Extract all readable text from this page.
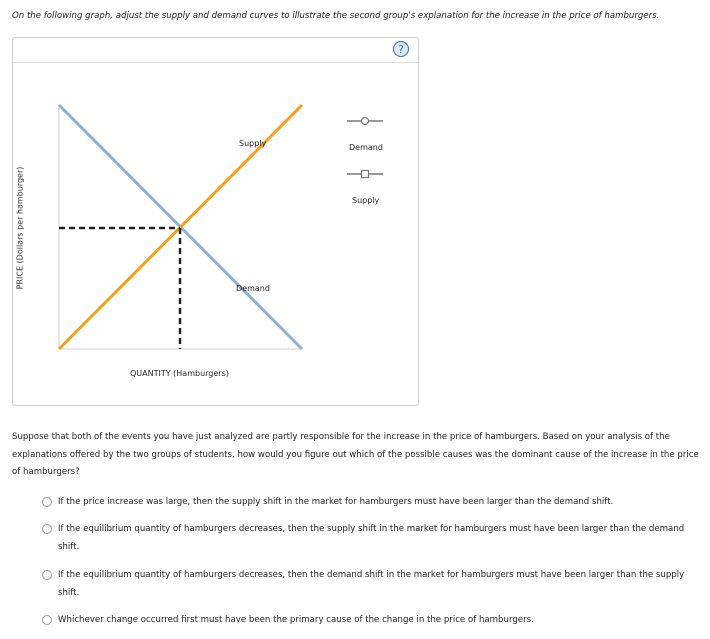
On the following graph, adjust the supply and demand curves to illustrate the second group's explanation for the increase in the price of hamburgers.
?
PRICE (Dollars per hamburger)
Supply
Demand
Demand
Supply
QUANTITY (Hamburgers)
Suppose that both of the events you have just analyzed are partly responsible for the increase in the price of hamburgers. Based on your analysis of the explanations offered by the two groups of students, how would you figure out which of the possible causes was the dominant cause of the increase in the price of hamburgers?
If the price increase was large, then the supply shift in the market for hamburgers must have been larger than the demand shift.
If the equilibrium quantity of hamburgers decreases, then the supply shift in the market for hamburgers must have been larger than the demand shift.
If the equilibrium quantity of hamburgers decreases, then the demand shift in the market for hamburgers must have been larger than the supply shift.
Whichever change occurred first must have been the primary cause of the change in the price of hamburgers.
